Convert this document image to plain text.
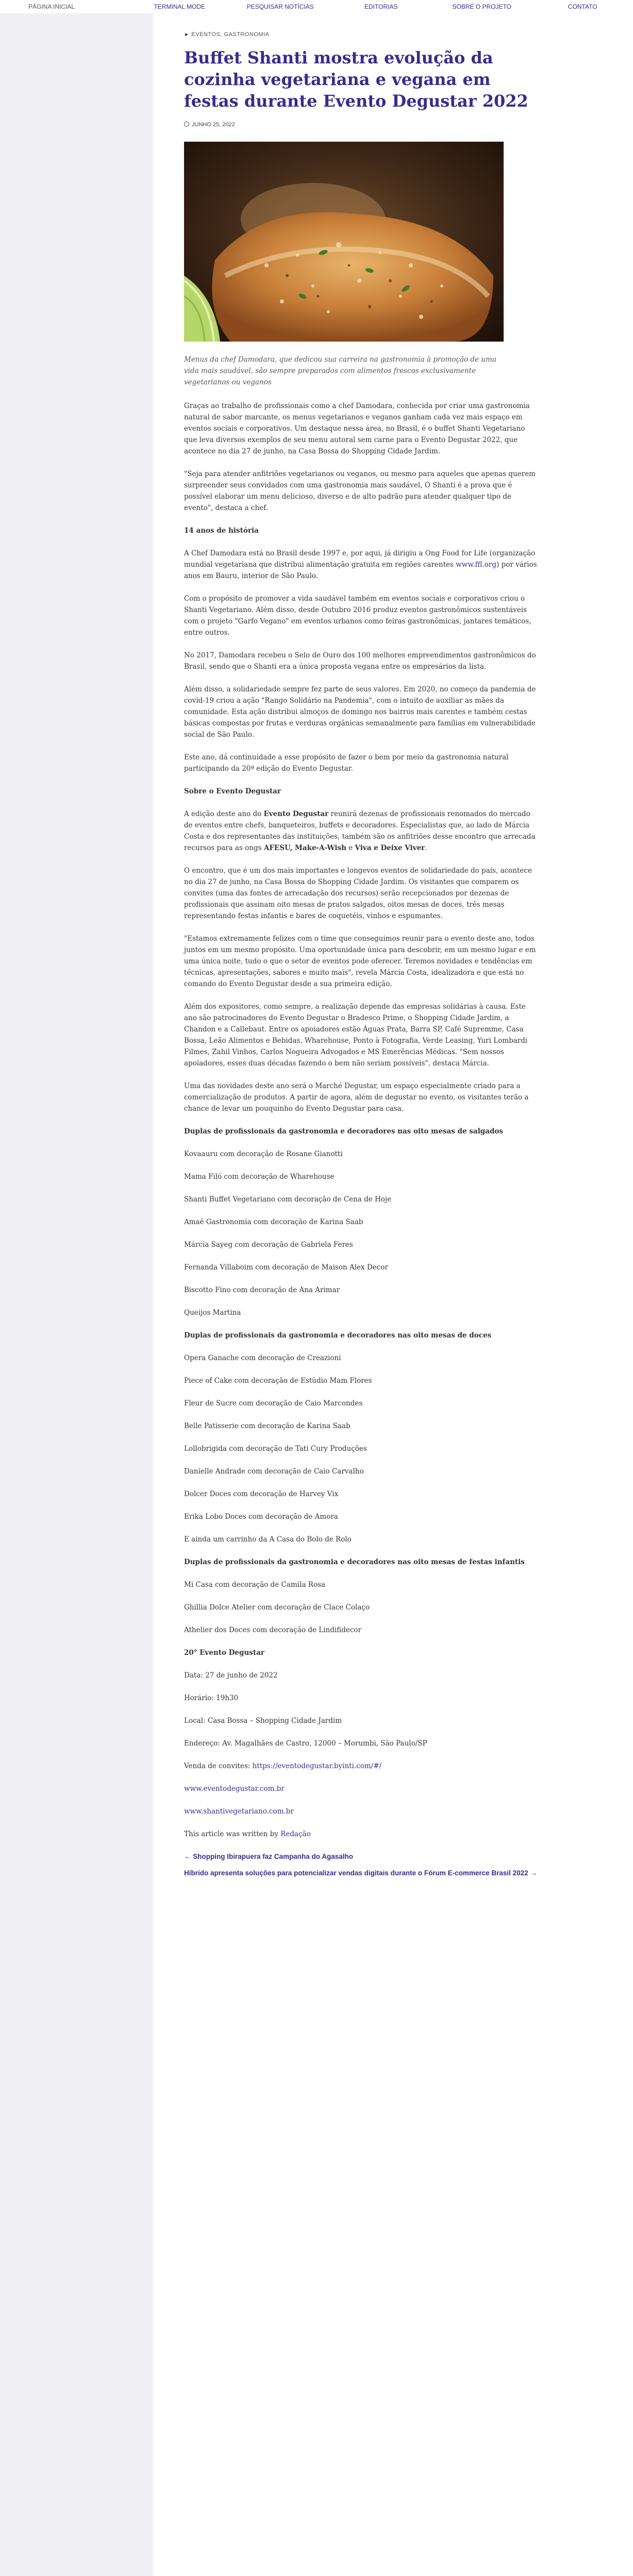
PÁGINA INICIAL	TERMINAL MODE	PESQUISAR NOTÍCIAS	EDITORIAS	SOBRE O PROJETO	CONTATO
► EVENTOS, GASTRONOMIA
Buffet Shanti mostra evolução da cozinha vegetariana e vegana em festas durante Evento Degustar 2022
JUNHO 25, 2022
Menus da chef Damodara, que dedicou sua carreira na gastronomia à promoção de uma vida mais saudável, são sempre preparados com alimentos frescos exclusivamente vegetarianos ou veganos

Graças ao trabalho de profissionais como a chef Damodara, conhecida por criar uma gastronomia natural de sabor marcante, os menus vegetarianos e veganos ganham cada vez mais espaço em eventos sociais e corporativos. Um destaque nessa área, no Brasil, é o buffet Shanti Vegetariano que leva diversos exemplos de seu menu autoral sem carne para o Evento Degustar 2022, que acontece no dia 27 de junho, na Casa Bossa do Shopping Cidade Jardim.

"Seja para atender anfitriões vegetarianos ou veganos, ou mesmo para aqueles que apenas querem surpreender seus convidados com uma gastronomia mais saudável, O Shanti é a prova que é possível elaborar um menu delicioso, diverso e de alto padrão para atender qualquer tipo de evento", destaca a chef.

14 anos de história

A Chef Damodara está no Brasil desde 1997 e, por aqui, já dirigiu a Ong Food for Life (organização mundial vegetariana que distribui alimentação gratuita em regiões carentes www.ffl.org) por vários anos em Bauru, interior de São Paulo.

Com o propósito de promover a vida saudável também em eventos sociais e corporativos criou o Shanti Vegetariano. Além disso, desde Outubro 2016 produz eventos gastronômicos sustentáveis com o projeto "Garfo Vegano" em eventos urbanos como feiras gastronômicas, jantares temáticos, entre outros.

No 2017, Damodara recebeu o Selo de Ouro dos 100 melhores empreendimentos gastronômicos do Brasil, sendo que o Shanti era a única proposta vegana entre os empresários da lista.

Além disso, a solidariedade sempre fez parte de seus valores. Em 2020, no começo da pandemia de covid-19 criou a ação "Rango Solidário na Pandemia", com o intuito de auxiliar as mães da comunidade. Esta ação distribui almoços de domingo nos bairros mais carentes e também cestas básicas compostas por frutas e verduras orgânicas semanalmente para famílias em vulnerabilidade social de São Paulo.

Este ano, dá continuidade a esse propósito de fazer o bem por meio da gastronomia natural participando da 20ª edição do Evento Degustar.

Sobre o Evento Degustar

A edição deste ano do Evento Degustar reunirá dezenas de profissionais renomados do mercado de eventos entre chefs, banqueteiros, buffets e decoradores. Especialistas que, ao lado de Márcia Costa e dos representantes das instituições, também são os anfitriões desse encontro que arrecada recursos para as ongs AFESU, Make-A-Wish e Viva e Deixe Viver.

O encontro, que é um dos mais importantes e longevos eventos de solidariedade do país, acontece no dia 27 de junho, na Casa Bossa do Shopping Cidade Jardim. Os visitantes que comparem os convites (uma das fontes de arrecadação dos recursos) serão recepcionados por dezenas de profissionais que assinam oito mesas de pratos salgados, oitos mesas de doces, três mesas representando festas infantis e bares de coquetéis, vinhos e espumantes.

"Estamos extremamente felizes com o time que conseguimos reunir para o evento deste ano, todos juntos em um mesmo propósito. Uma oportunidade única para descobrir, em um mesmo lugar e em uma única noite, tudo o que o setor de eventos pode oferecer. Teremos novidades e tendências em técnicas, apresentações, sabores e muito mais", revela Márcia Costa, idealizadora e que está no comando do Evento Degustar desde a sua primeira edição.

Além dos expositores, como sempre, a realização depende das empresas solidárias à causa. Este ano são patrocinadores do Evento Degustar o Bradesco Prime, o Shopping Cidade Jardim, a Chandon e a Callebaut. Entre os apoiadores estão Águas Prata, Barra SP, Café Supremme, Casa Bossa, Leão Alimentos e Bebidas, Wharehouse, Ponto à Fotografia, Verde Leasing, Yuri Lombardi Filmes, Zahil Vinhos, Carlos Nogueira Advogados e MS Emerências Médicas. "Sem nossos apoiadores, esses duas décadas fazendo o bem não seriam possíveis", destaca Márcia.

Uma das novidades deste ano será o Marché Degustar, um espaço especialmente criado para a comercialização de produtos. A partir de agora, além de degustar no evento, os visitantes terão a chance de levar um pouquinho do Evento Degustar para casa.

Duplas de profissionais da gastronomia e decoradores nas oito mesas de salgados

Kovaauru com decoração de Rosane Gianotti

Mama Filó com decoração de Wharehouse

Shanti Buffet Vegetariano com decoração de Cena de Hoje

Amaê Gastronomia com decoração de Karina Saab

Márcia Sayeg com decoração de Gabriela Feres

Fernanda Villaboim com decoração de Maison Alex Decor

Biscotto Fino com decoração de Ana Arimar

Queijos Martina

Duplas de profissionais da gastronomia e decoradores nas oito mesas de doces

Opera Ganache com decoração de Creazioni

Piece of Cake com decoração de Estúdio Mam Flores

Fleur de Sucre com decoração de Caio Marcondes

Belle Patisserie com decoração de Karina Saab

Lollobrigida com decoração de Tati Cury Produções

Danielle Andrade com decoração de Caio Carvalho

Dolcer Doces com decoração de Harvey Vix

Erika Lobo Doces com decoração de Amora

E ainda um carrinho da A Casa do Bolo de Rolo

Duplas de profissionais da gastronomia e decoradores nas oito mesas de festas infantis

Mi Casa com decoração de Camila Rosa

Ghillia Dolce Atelier com decoração de Clace Colaço

Athelier dos Doces com decoração de Lindifidecor

20° Evento Degustar

Data: 27 de junho de 2022

Horário: 19h30

Local: Casa Bossa – Shopping Cidade Jardim

Endereço: Av. Magalhães de Castro, 12000 – Morumbi, São Paulo/SP

Venda de convites: https://eventodegustar.byinti.com/#/

www.eventodegustar.com.br

www.shantivegetariano.com.br

This article was written by Redação

← Shopping Ibirapuera faz Campanha do Agasalho
Híbrido apresenta soluções para potencializar vendas digitais durante o Fórum E-commerce Brasil 2022 →
